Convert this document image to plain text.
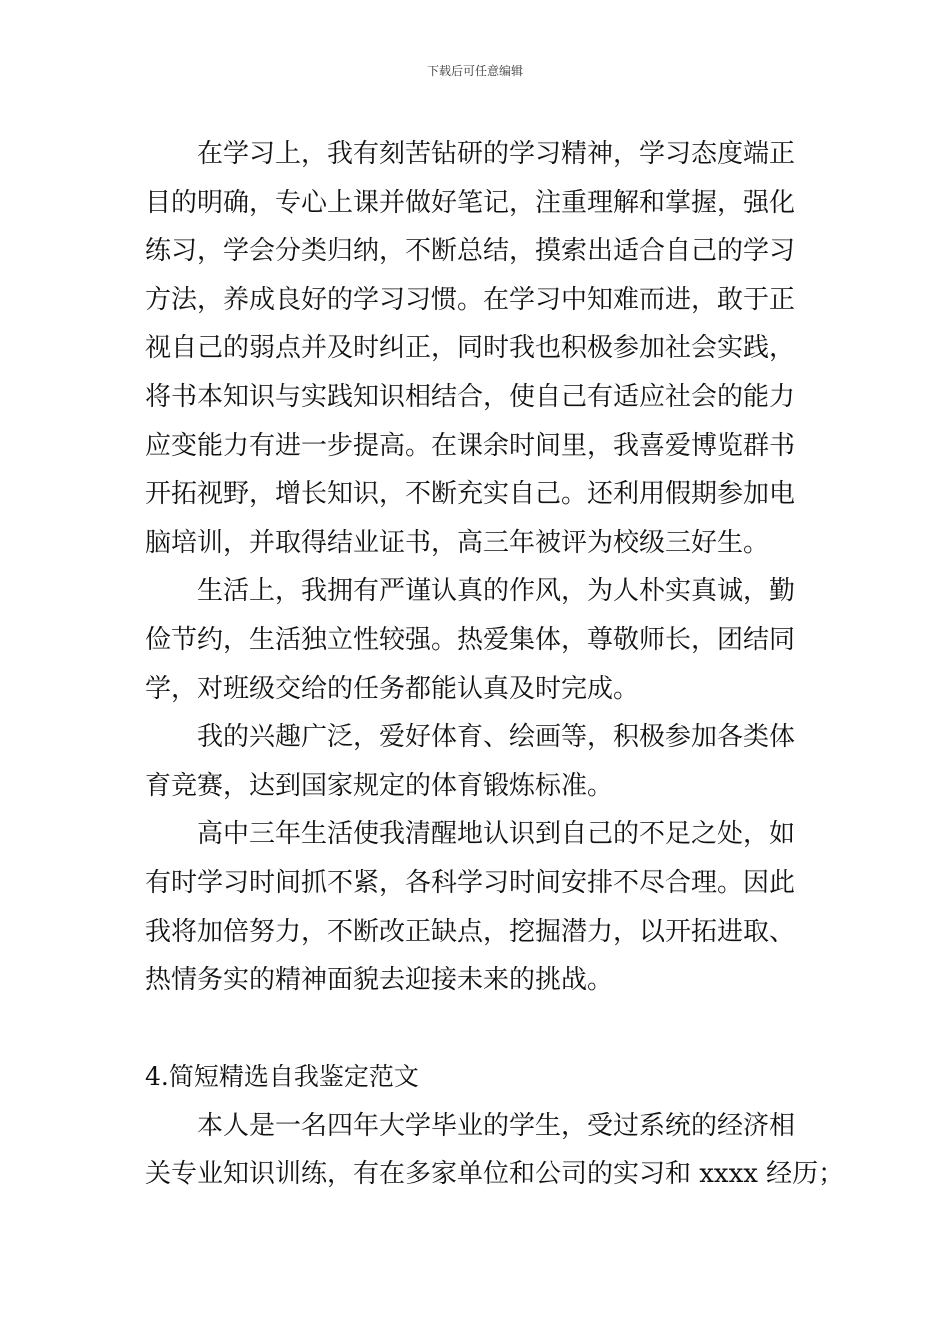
下载后可任意编辑
在学习上，我有刻苦钻研的学习精神，学习态度端正
目的明确，专心上课并做好笔记，注重理解和掌握，强化
练习，学会分类归纳，不断总结，摸索出适合自己的学习
方法，养成良好的学习习惯。在学习中知难而进，敢于正
视自己的弱点并及时纠正，同时我也积极参加社会实践，
将书本知识与实践知识相结合，使自己有适应社会的能力
应变能力有进一步提高。在课余时间里，我喜爱博览群书
开拓视野，增长知识，不断充实自己。还利用假期参加电
脑培训，并取得结业证书，高三年被评为校级三好生。
生活上，我拥有严谨认真的作风，为人朴实真诚，勤
俭节约，生活独立性较强。热爱集体，尊敬师长，团结同
学，对班级交给的任务都能认真及时完成。
我的兴趣广泛，爱好体育、绘画等，积极参加各类体
育竞赛，达到国家规定的体育锻炼标准。
高中三年生活使我清醒地认识到自己的不足之处，如
有时学习时间抓不紧，各科学习时间安排不尽合理。因此
我将加倍努力，不断改正缺点，挖掘潜力，以开拓进取、
热情务实的精神面貌去迎接未来的挑战。
4.简短精选自我鉴定范文
本人是一名四年大学毕业的学生，受过系统的经济相
关专业知识训练，有在多家单位和公司的实习和 xxxx 经历；
